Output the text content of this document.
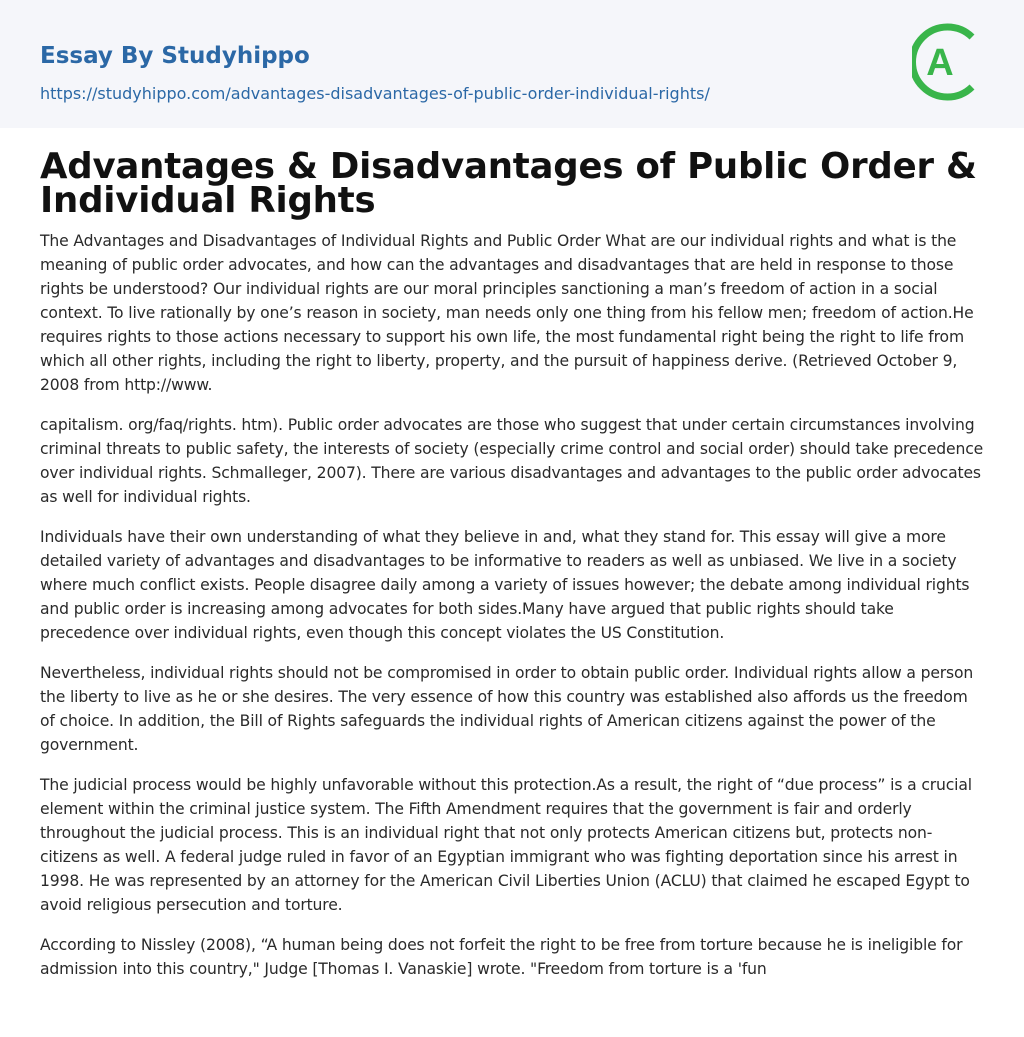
Essay By Studyhippo
https://studyhippo.com/advantages-disadvantages-of-public-order-individual-rights/
A
Advantages & Disadvantages of Public Order & Individual Rights

The Advantages and Disadvantages of Individual Rights and Public Order What are our individual rights and what is the meaning of public order advocates, and how can the advantages and disadvantages that are held in response to those rights be understood? Our individual rights are our moral principles sanctioning a man’s freedom of action in a social context. To live rationally by one’s reason in society, man needs only one thing from his fellow men; freedom of action.He requires rights to those actions necessary to support his own life, the most fundamental right being the right to life from which all other rights, including the right to liberty, property, and the pursuit of happiness derive. (Retrieved October 9, 2008 from http://www.

capitalism. org/faq/rights. htm). Public order advocates are those who suggest that under certain circumstances involving criminal threats to public safety, the interests of society (especially crime control and social order) should take precedence over individual rights. Schmalleger, 2007). There are various disadvantages and advantages to the public order advocates as well for individual rights.

Individuals have their own understanding of what they believe in and, what they stand for. This essay will give a more detailed variety of advantages and disadvantages to be informative to readers as well as unbiased. We live in a society where much conflict exists. People disagree daily among a variety of issues however; the debate among individual rights and public order is increasing among advocates for both sides.Many have argued that public rights should take precedence over individual rights, even though this concept violates the US Constitution.

Nevertheless, individual rights should not be compromised in order to obtain public order. Individual rights allow a person the liberty to live as he or she desires. The very essence of how this country was established also affords us the freedom of choice. In addition, the Bill of Rights safeguards the individual rights of American citizens against the power of the government.

The judicial process would be highly unfavorable without this protection.As a result, the right of “due process” is a crucial element within the criminal justice system. The Fifth Amendment requires that the government is fair and orderly throughout the judicial process. This is an individual right that not only protects American citizens but, protects non-citizens as well. A federal judge ruled in favor of an Egyptian immigrant who was fighting deportation since his arrest in 1998. He was represented by an attorney for the American Civil Liberties Union (ACLU) that claimed he escaped Egypt to avoid religious persecution and torture.

According to Nissley (2008), “A human being does not forfeit the right to be free from torture because he is ineligible for admission into this country," Judge [Thomas I. Vanaskie] wrote. "Freedom from torture is a 'fun
